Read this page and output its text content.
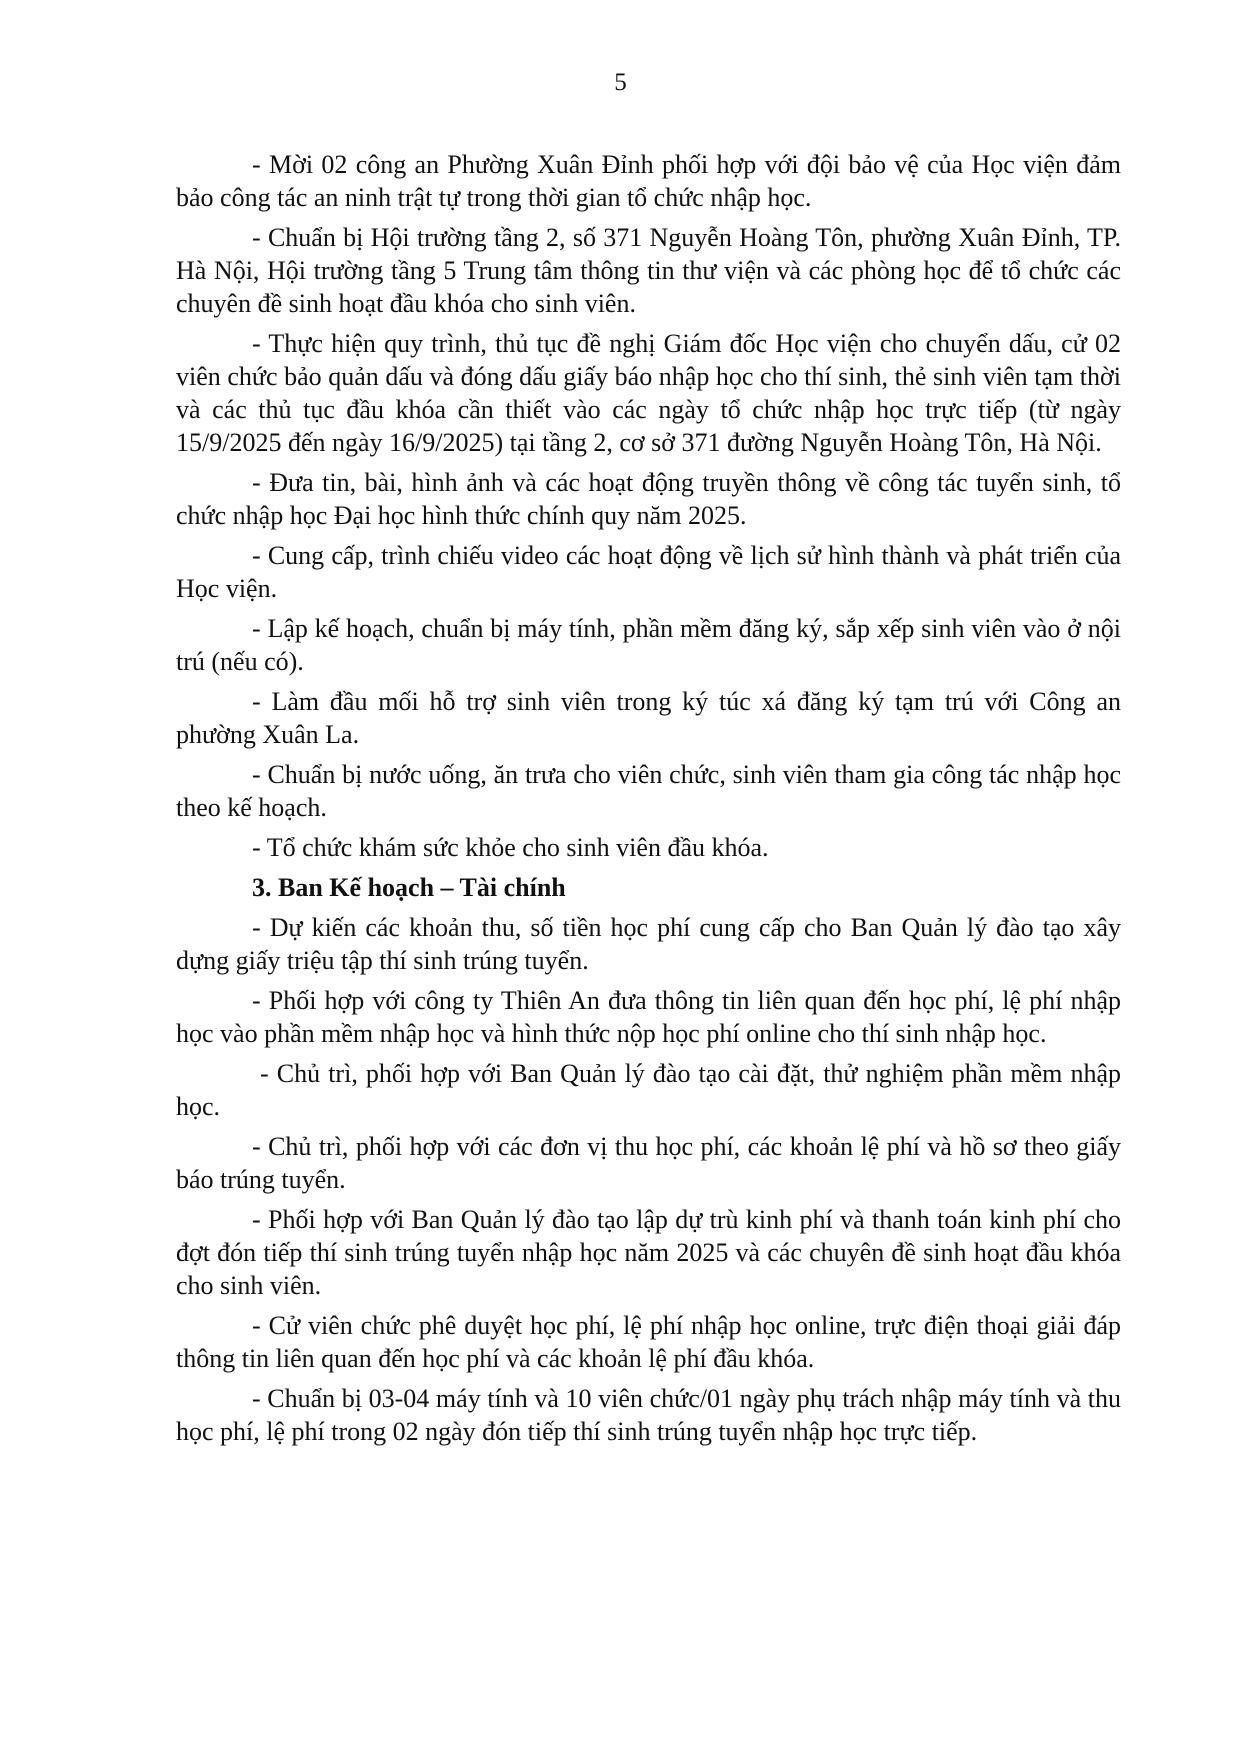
5

- Mời 02 công an Phường Xuân Đỉnh phối hợp với đội bảo vệ của Học viện đảm bảo công tác an ninh trật tự trong thời gian tổ chức nhập học.

- Chuẩn bị Hội trường tầng 2, số 371 Nguyễn Hoàng Tôn, phường Xuân Đỉnh, TP. Hà Nội, Hội trường tầng 5 Trung tâm thông tin thư viện và các phòng học để tổ chức các chuyên đề sinh hoạt đầu khóa cho sinh viên.

- Thực hiện quy trình, thủ tục đề nghị Giám đốc Học viện cho chuyển dấu, cử 02 viên chức bảo quản dấu và đóng dấu giấy báo nhập học cho thí sinh, thẻ sinh viên tạm thời và các thủ tục đầu khóa cần thiết vào các ngày tổ chức nhập học trực tiếp (từ ngày 15/9/2025 đến ngày 16/9/2025) tại tầng 2, cơ sở 371 đường Nguyễn Hoàng Tôn, Hà Nội.

- Đưa tin, bài, hình ảnh và các hoạt động truyền thông về công tác tuyển sinh, tổ chức nhập học Đại học hình thức chính quy năm 2025.

- Cung cấp, trình chiếu video các hoạt động về lịch sử hình thành và phát triển của Học viện.

- Lập kế hoạch, chuẩn bị máy tính, phần mềm đăng ký, sắp xếp sinh viên vào ở nội trú (nếu có).

- Làm đầu mối hỗ trợ sinh viên trong ký túc xá đăng ký tạm trú với Công an phường Xuân La.

- Chuẩn bị nước uống, ăn trưa cho viên chức, sinh viên tham gia công tác nhập học theo kế hoạch.

- Tổ chức khám sức khỏe cho sinh viên đầu khóa.

3. Ban Kế hoạch – Tài chính

- Dự kiến các khoản thu, số tiền học phí cung cấp cho Ban Quản lý đào tạo xây dựng giấy triệu tập thí sinh trúng tuyển.

- Phối hợp với công ty Thiên An đưa thông tin liên quan đến học phí, lệ phí nhập học vào phần mềm nhập học và hình thức nộp học phí online cho thí sinh nhập học.

- Chủ trì, phối hợp với Ban Quản lý đào tạo cài đặt, thử nghiệm phần mềm nhập học.

- Chủ trì, phối hợp với các đơn vị thu học phí, các khoản lệ phí và hồ sơ theo giấy báo trúng tuyển.

- Phối hợp với Ban Quản lý đào tạo lập dự trù kinh phí và thanh toán kinh phí cho đợt đón tiếp thí sinh trúng tuyển nhập học năm 2025 và các chuyên đề sinh hoạt đầu khóa cho sinh viên.

- Cử viên chức phê duyệt học phí, lệ phí nhập học online, trực điện thoại giải đáp thông tin liên quan đến học phí và các khoản lệ phí đầu khóa.

- Chuẩn bị 03-04 máy tính và 10 viên chức/01 ngày phụ trách nhập máy tính và thu học phí, lệ phí trong 02 ngày đón tiếp thí sinh trúng tuyển nhập học trực tiếp.
